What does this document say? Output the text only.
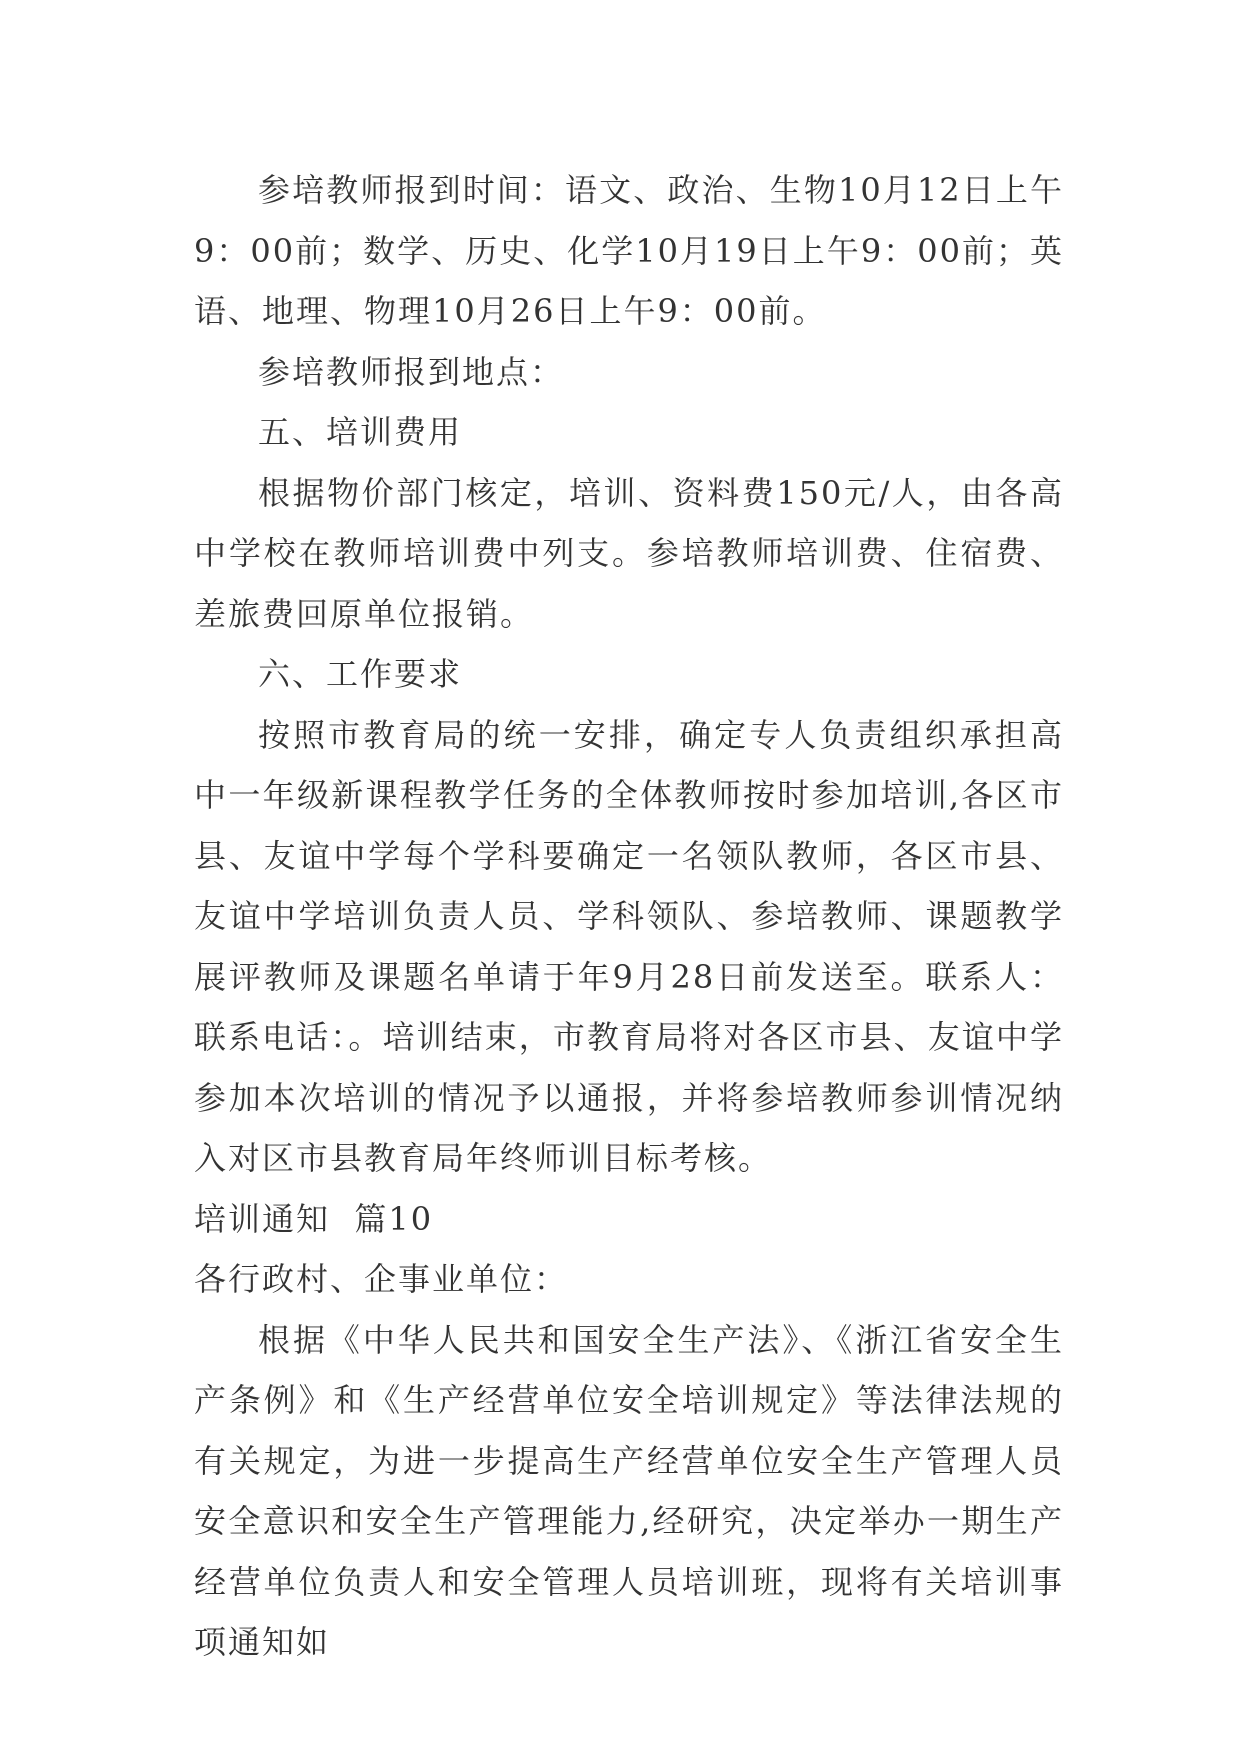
参培教师报到时间：语文、政治、生物10月12日上午9：00前；数学、历史、化学10月19日上午9：00前；英语、地理、物理10月26日上午9：00前。

参培教师报到地点：

五、培训费用

根据物价部门核定，培训、资料费150元/人，由各高中学校在教师培训费中列支。参培教师培训费、住宿费、差旅费回原单位报销。

六、工作要求

按照市教育局的统一安排，确定专人负责组织承担高中一年级新课程教学任务的全体教师按时参加培训,各区市县、友谊中学每个学科要确定一名领队教师，各区市县、友谊中学培训负责人员、学科领队、参培教师、课题教学展评教师及课题名单请于年9月28日前发送至。联系人：联系电话：。培训结束，市教育局将对各区市县、友谊中学参加本次培训的情况予以通报，并将参培教师参训情况纳入对区市县教育局年终师训目标考核。

培训通知  篇10

各行政村、企事业单位：

根据《中华人民共和国安全生产法》、《浙江省安全生产条例》和《生产经营单位安全培训规定》等法律法规的有关规定，为进一步提高生产经营单位安全生产管理人员安全意识和安全生产管理能力,经研究，决定举办一期生产经营单位负责人和安全管理人员培训班，现将有关培训事项通知如
